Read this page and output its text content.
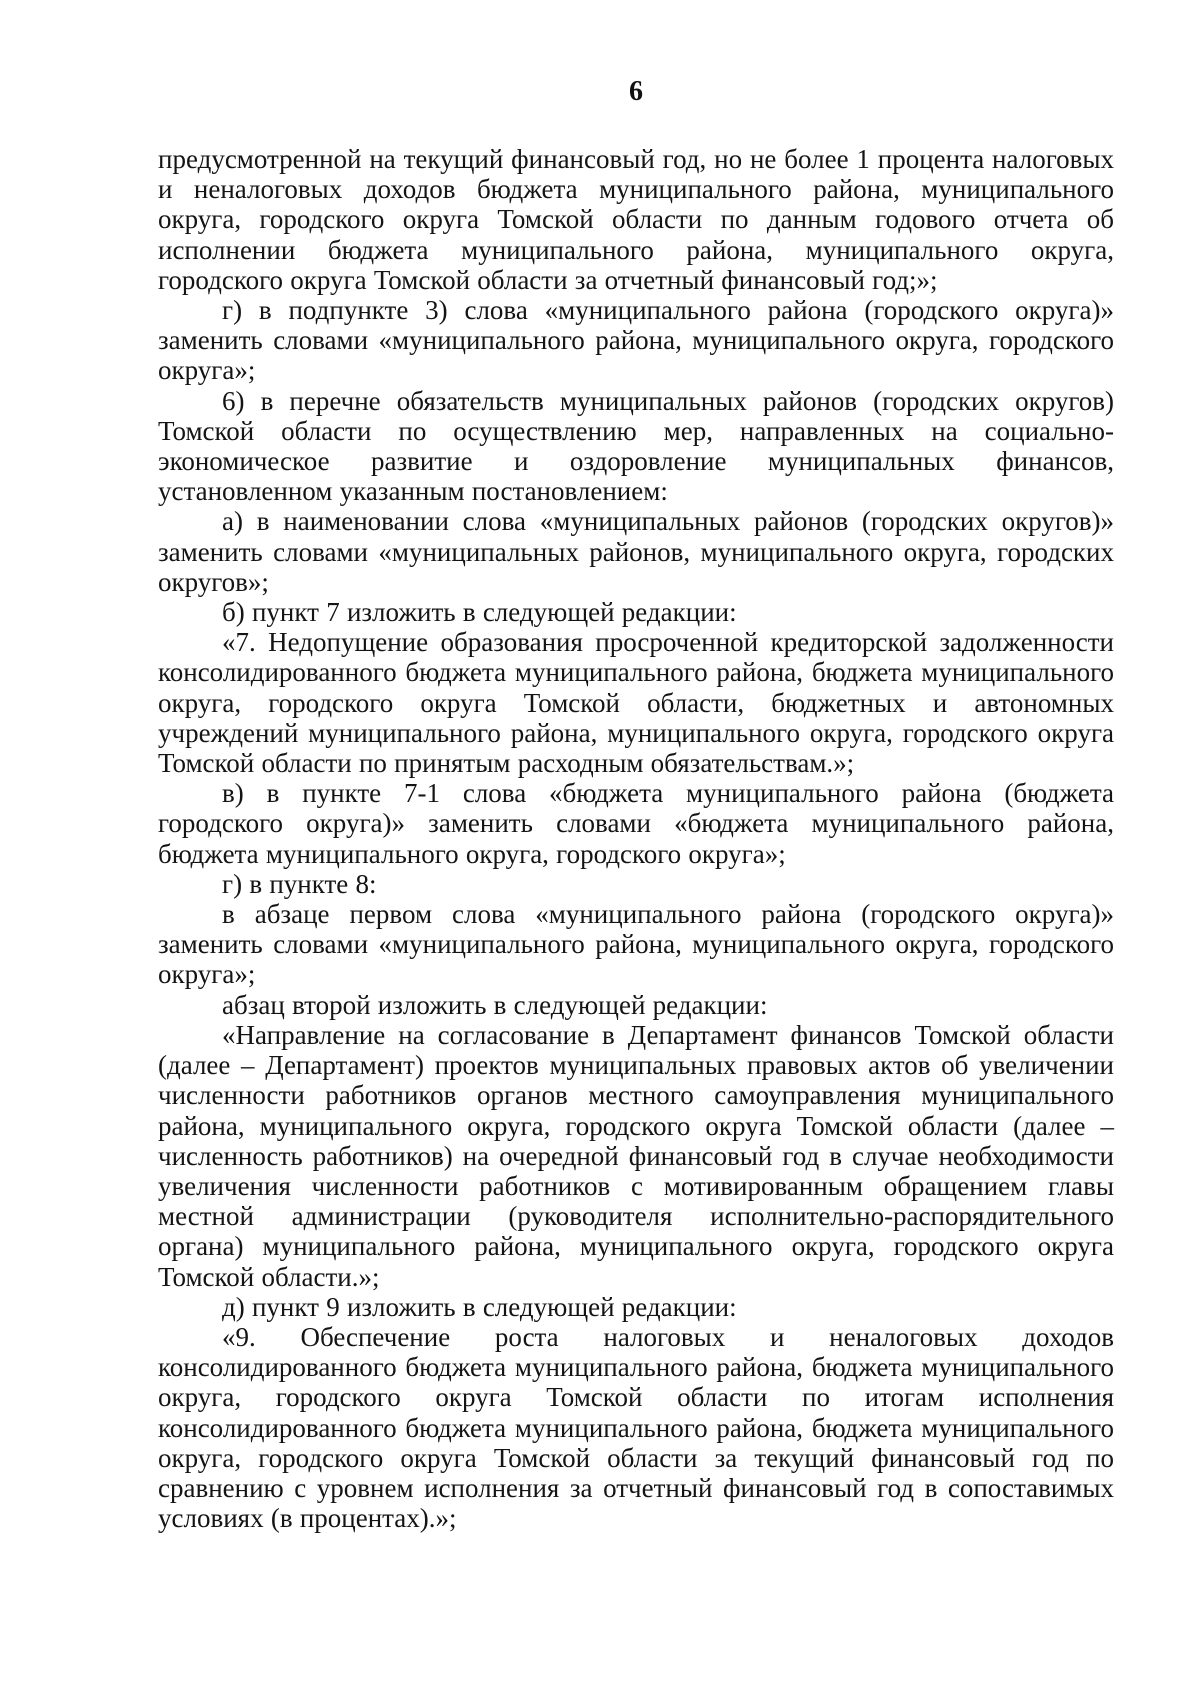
6

предусмотренной на текущий финансовый год, но не более 1 процента налоговых и неналоговых доходов бюджета муниципального района, муниципального округа, городского округа Томской области по данным годового отчета об исполнении бюджета муниципального района, муниципального округа, городского округа Томской области за отчетный финансовый год;»;

г) в подпункте 3) слова «муниципального района (городского округа)» заменить словами «муниципального района, муниципального округа, городского округа»;

6) в перечне обязательств муниципальных районов (городских округов) Томской области по осуществлению мер, направленных на социально-экономическое развитие и оздоровление муниципальных финансов, установленном указанным постановлением:

а) в наименовании слова «муниципальных районов (городских округов)» заменить словами «муниципальных районов, муниципального округа, городских округов»;

б) пункт 7 изложить в следующей редакции:

«7. Недопущение образования просроченной кредиторской задолженности консолидированного бюджета муниципального района, бюджета муниципального округа, городского округа Томской области, бюджетных и автономных учреждений муниципального района, муниципального округа, городского округа Томской области по принятым расходным обязательствам.»;

в) в пункте 7-1 слова «бюджета муниципального района (бюджета городского округа)» заменить словами «бюджета муниципального района, бюджета муниципального округа, городского округа»;

г) в пункте 8:

в абзаце первом слова «муниципального района (городского округа)» заменить словами «муниципального района, муниципального округа, городского округа»;

абзац второй изложить в следующей редакции:

«Направление на согласование в Департамент финансов Томской области (далее – Департамент) проектов муниципальных правовых актов об увеличении численности работников органов местного самоуправления муниципального района, муниципального округа, городского округа Томской области (далее – численность работников) на очередной финансовый год в случае необходимости увеличения численности работников с мотивированным обращением главы местной администрации (руководителя исполнительно-распорядительного органа) муниципального района, муниципального округа, городского округа Томской области.»;

д) пункт 9 изложить в следующей редакции:

«9. Обеспечение роста налоговых и неналоговых доходов консолидированного бюджета муниципального района, бюджета муниципального округа, городского округа Томской области по итогам исполнения консолидированного бюджета муниципального района, бюджета муниципального округа, городского округа Томской области за текущий финансовый год по сравнению с уровнем исполнения за отчетный финансовый год в сопоставимых условиях (в процентах).»;
